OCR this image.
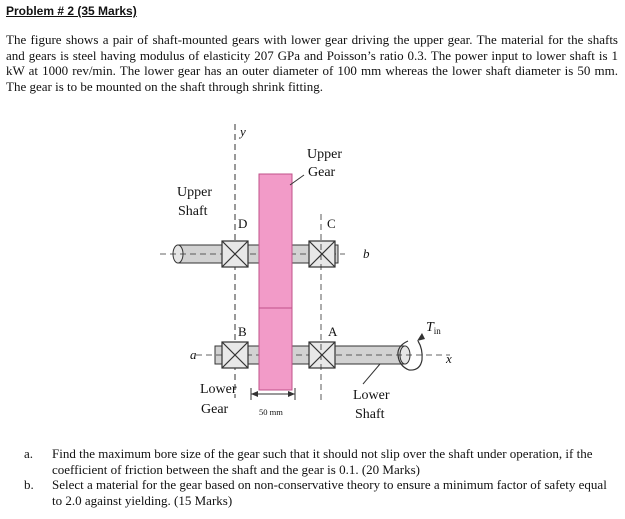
Problem # 2 (35 Marks)
The figure shows a pair of shaft-mounted gears with lower gear driving the upper gear. The material for the shafts and gears is steel having modulus of elasticity 207 GPa and Poisson’s ratio 0.3. The power input to lower shaft is 1 kW at 1000 rev/min. The lower gear has an outer diameter of 100 mm whereas the lower shaft diameter is 50 mm. The gear is to be mounted on the shaft through shrink fitting.
y
Upper
Gear
Upper
Shaft
D	C
B	A
a
b
$T_{in}$
x
Lower
Gear	50 mm
Lower
Shaft
a. Find the maximum bore size of the gear such that it should not slip over the shaft under operation, if the coefficient of friction between the shaft and the gear is 0.1. (20 Marks)
b. Select a material for the gear based on non-conservative theory to ensure a minimum factor of safety equal to 2.0 against yielding. (15 Marks)
